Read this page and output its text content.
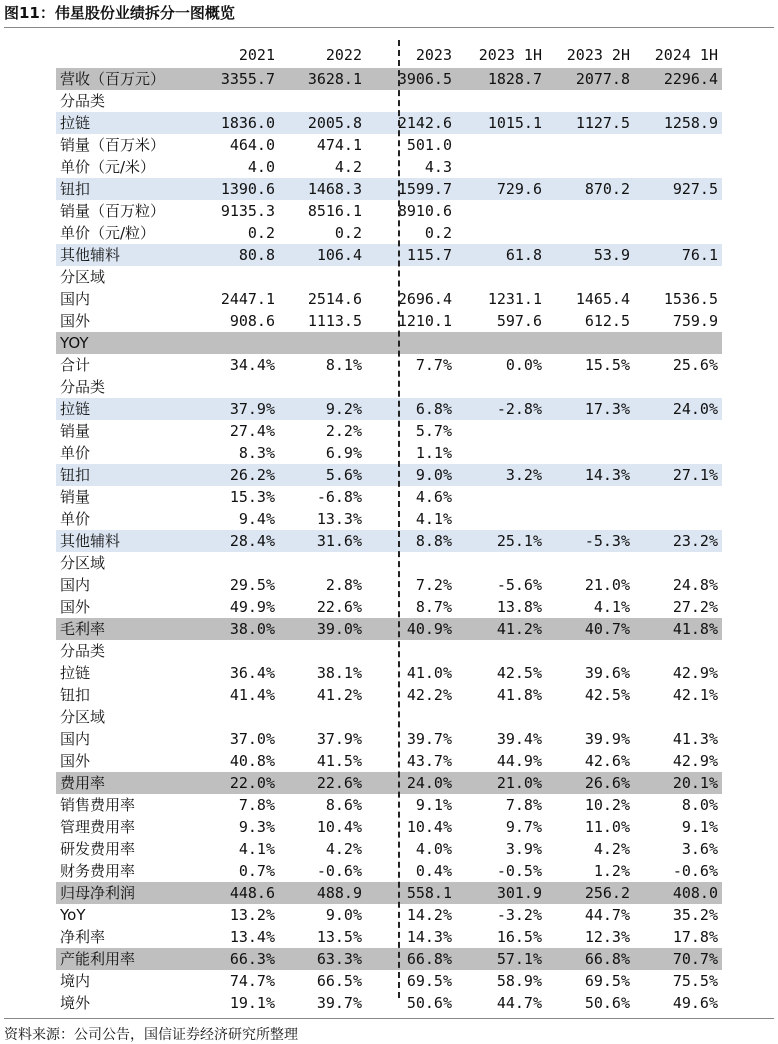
图11：伟星股份业绩拆分一图概览
2021	2022	2023 2023 1H 2023 2H 2024 1H
营收（百万元）	3355.7 3628.1 3906.5 1828.7 2077.8 2296.4
分品类
拉链	1836.0 2005.8 2142.6 1015.1 1127.5 1258.9
销量（百万米）	464.0	474.1	501.0
单价（元/米）	4.0	4.2	4.3
钮扣	1390.6 1468.3 1599.7	729.6	870.2	927.5
销量（百万粒）	9135.3 8516.1 8910.6
单价（元/粒）	0.2	0.2	0.2
其他辅料	80.8	106.4	115.7	61.8	53.9	76.1
分区域
国内	2447.1 2514.6 2696.4 1231.1 1465.4 1536.5
国外	908.6 1113.5 1210.1	597.6	612.5	759.9
YOY
合计	34.4%	8.1%	7.7%	0.0%	15.5%	25.6%
分品类
拉链	37.9%	9.2%	6.8%	-2.8%	17.3%	24.0%
销量	27.4%	2.2%	5.7%
单价	8.3%	6.9%	1.1%
钮扣	26.2%	5.6%	9.0%	3.2%	14.3%	27.1%
销量	15.3%	-6.8%	4.6%
单价	9.4%	13.3%	4.1%
其他辅料	28.4%	31.6%	8.8%	25.1%	-5.3%	23.2%
分区域
国内	29.5%	2.8%	7.2%	-5.6%	21.0%	24.8%
国外	49.9%	22.6%	8.7%	13.8%	4.1%	27.2%
毛利率	38.0%	39.0%	40.9%	41.2%	40.7%	41.8%
分品类
拉链	36.4%	38.1%	41.0%	42.5%	39.6%	42.9%
钮扣	41.4%	41.2%	42.2%	41.8%	42.5%	42.1%
分区域
国内	37.0%	37.9%	39.7%	39.4%	39.9%	41.3%
国外	40.8%	41.5%	43.7%	44.9%	42.6%	42.9%
费用率	22.0%	22.6%	24.0%	21.0%	26.6%	20.1%
销售费用率	7.8%	8.6%	9.1%	7.8%	10.2%	8.0%
管理费用率	9.3%	10.4%	10.4%	9.7%	11.0%	9.1%
研发费用率	4.1%	4.2%	4.0%	3.9%	4.2%	3.6%
财务费用率	0.7%	-0.6%	0.4%	-0.5%	1.2%	-0.6%
归母净利润	448.6	488.9	558.1	301.9	256.2	408.0
YoY	13.2%	9.0%	14.2%	-3.2%	44.7%	35.2%
净利率	13.4%	13.5%	14.3%	16.5%	12.3%	17.8%
产能利用率	66.3%	63.3%	66.8%	57.1%	66.8%	70.7%
境内	74.7%	66.5%	69.5%	58.9%	69.5%	75.5%
境外	19.1%	39.7%	50.6%	44.7%	50.6%	49.6%
资料来源：公司公告，国信证券经济研究所整理
